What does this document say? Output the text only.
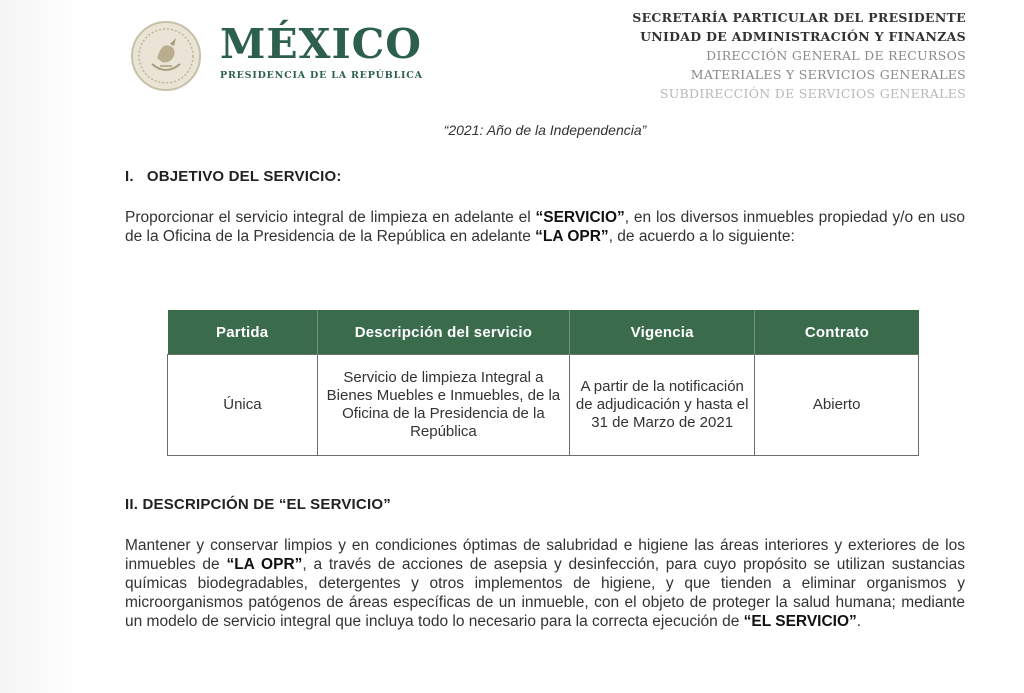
MÉXICO
PRESIDENCIA DE LA REPÚBLICA
SECRETARÍA PARTICULAR DEL PRESIDENTE
UNIDAD DE ADMINISTRACIÓN Y FINANZAS
DIRECCIÓN GENERAL DE RECURSOS
MATERIALES Y SERVICIOS GENERALES
SUBDIRECCIÓN DE SERVICIOS GENERALES
“2021: Año de la Independencia”
I.   OBJETIVO DEL SERVICIO:
Proporcionar el servicio integral de limpieza en adelante el “SERVICIO”, en los diversos inmuebles propiedad y/o en uso de la Oficina de la Presidencia de la República en adelante “LA OPR”, de acuerdo a lo siguiente:
Partida	Descripción del servicio	Vigencia	Contrato
Única	Servicio de limpieza Integral a Bienes Muebles e Inmuebles, de la Oficina de la Presidencia de la República	A partir de la notificación de adjudicación y hasta el 31 de Marzo de 2021	Abierto
II. DESCRIPCIÓN DE “EL SERVICIO”
Mantener y conservar limpios y en condiciones óptimas de salubridad e higiene las áreas interiores y exteriores de los inmuebles de “LA OPR”, a través de acciones de asepsia y desinfección, para cuyo propósito se utilizan sustancias químicas biodegradables, detergentes y otros implementos de higiene, y que tienden a eliminar organismos y microorganismos patógenos de áreas específicas de un inmueble, con el objeto de proteger la salud humana; mediante un modelo de servicio integral que incluya todo lo necesario para la correcta ejecución de “EL SERVICIO”.
